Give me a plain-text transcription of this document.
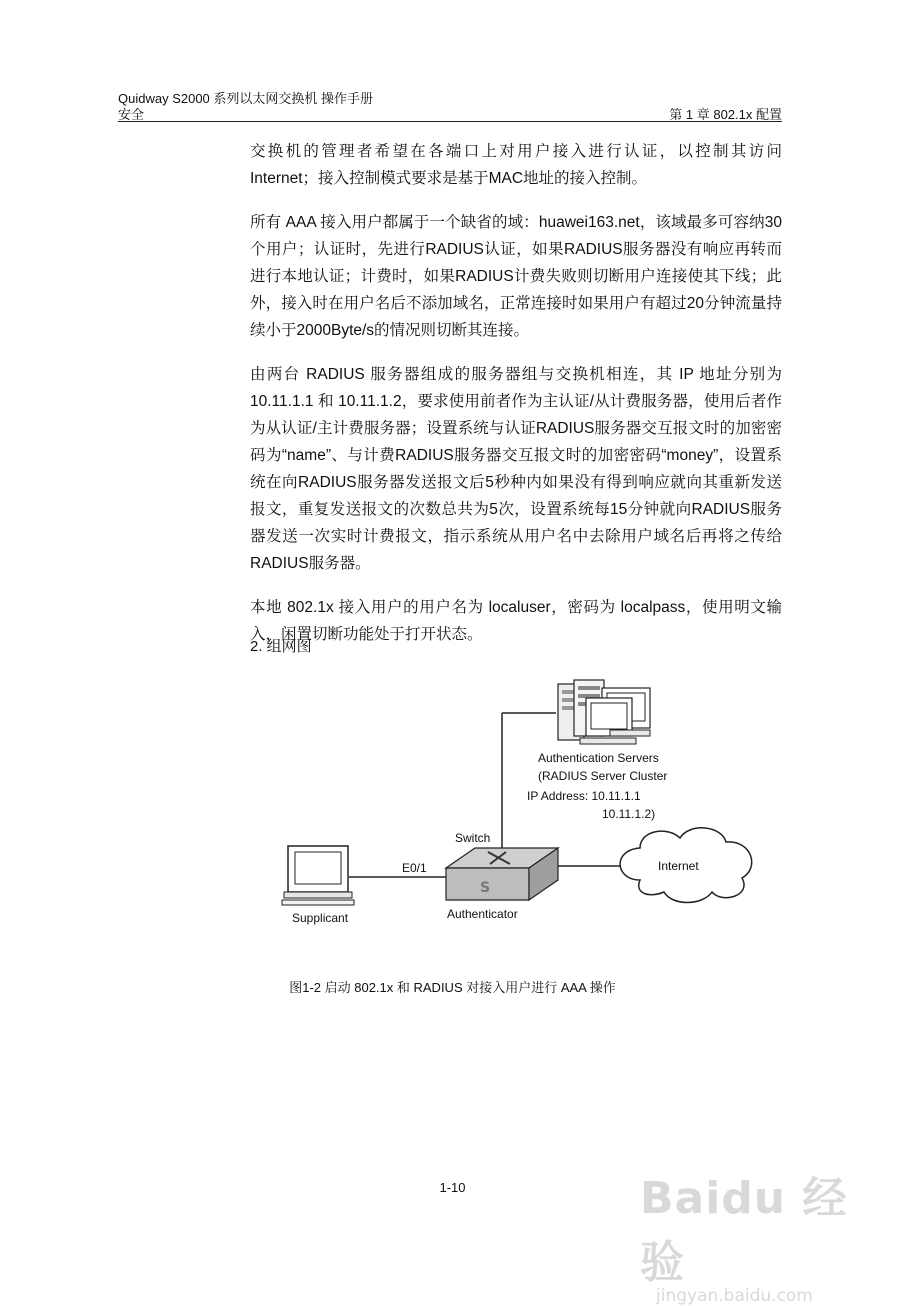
Quidway S2000 系列以太网交换机 操作手册
安全	第 1 章 802.1x 配置

交换机的管理者希望在各端口上对用户接入进行认证，以控制其访问Internet；接入控制模式要求是基于MAC地址的接入控制。

所有 AAA 接入用户都属于一个缺省的域：huawei163.net，该域最多可容纳30个用户；认证时，先进行RADIUS认证，如果RADIUS服务器没有响应再转而进行本地认证；计费时，如果RADIUS计费失败则切断用户连接使其下线；此外，接入时在用户名后不添加域名，正常连接时如果用户有超过20分钟流量持续小于2000Byte/s的情况则切断其连接。

由两台 RADIUS 服务器组成的服务器组与交换机相连，其 IP 地址分别为10.11.1.1 和 10.11.1.2，要求使用前者作为主认证/从计费服务器，使用后者作为从认证/主计费服务器；设置系统与认证RADIUS服务器交互报文时的加密密码为“name”、与计费RADIUS服务器交互报文时的加密密码“money”，设置系统在向RADIUS服务器发送报文后5秒种内如果没有得到响应就向其重新发送报文，重复发送报文的次数总共为5次，设置系统每15分钟就向RADIUS服务器发送一次实时计费报文，指示系统从用户名中去除用户域名后再将之传给RADIUS服务器。

本地 802.1x 接入用户的用户名为 localuser，密码为 localpass，使用明文输入，闲置切断功能处于打开状态。

2. 组网图
Authentication Servers
(RADIUS Server Cluster
IP Address: 10.11.1.1
10.11.1.2)
Switch
S
Authenticator
E0/1
Supplicant
Internet
图1-2 启动 802.1x 和 RADIUS 对接入用户进行 AAA 操作
1-10	Baidu 经验
jingyan.baidu.com
